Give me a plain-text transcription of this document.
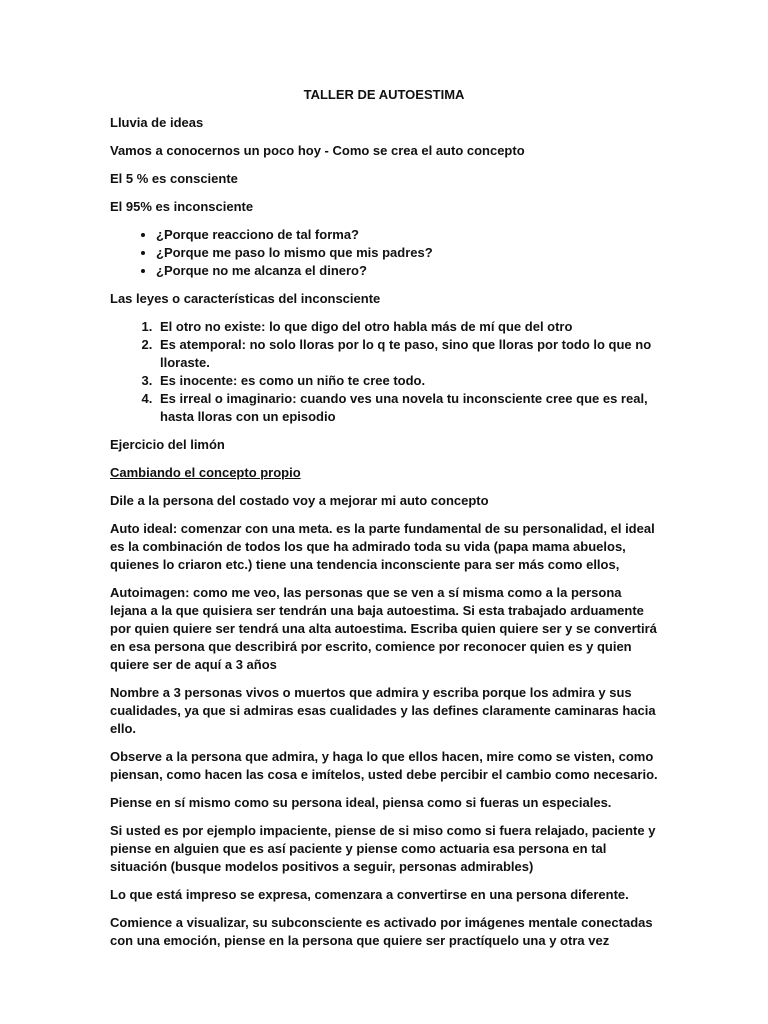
TALLER DE AUTOESTIMA

Lluvia de ideas

Vamos a conocernos un poco hoy - Como se crea el auto concepto

El 5 % es consciente

El 95% es inconsciente

• ¿Porque reacciono de tal forma?
• ¿Porque me paso lo mismo que mis padres?
• ¿Porque no me alcanza el dinero?

Las leyes o características del inconsciente

1. El otro no existe: lo que digo del otro habla más de mí que del otro
2. Es atemporal: no solo lloras por lo q te paso, sino que lloras por todo lo que no lloraste.
3. Es inocente: es como un niño te cree todo.
4. Es irreal o imaginario: cuando ves una novela tu inconsciente cree que es real, hasta lloras con un episodio

Ejercicio del limón

Cambiando el concepto propio

Dile a la persona del costado voy a mejorar mi auto concepto

Auto ideal: comenzar con una meta. es la parte fundamental de su personalidad, el ideal es la combinación de todos los que ha admirado toda su vida (papa mama abuelos, quienes lo criaron etc.) tiene una tendencia inconsciente para ser más como ellos,

Autoimagen: como me veo, las personas que se ven a sí misma como a la persona lejana a la que quisiera ser tendrán una baja autoestima. Si esta trabajado arduamente por quien quiere ser tendrá una alta autoestima. Escriba quien quiere ser y se convertirá en esa persona que describirá por escrito, comience por reconocer quien es y quien quiere ser de aquí a 3 años

Nombre a 3 personas vivos o muertos que admira y escriba porque los admira y sus cualidades, ya que si admiras esas cualidades y las defines claramente caminaras hacia ello.

Observe a la persona que admira, y haga lo que ellos hacen, mire como se visten, como piensan, como hacen las cosa e imítelos, usted debe percibir el cambio como necesario.

Piense en sí mismo como su persona ideal, piensa como si fueras un especiales.

Si usted es por ejemplo impaciente, piense de si miso como si fuera relajado, paciente y piense en alguien que es así paciente y piense como actuaria esa persona en tal situación (busque modelos positivos a seguir, personas admirables)

Lo que está impreso se expresa, comenzara a convertirse en una persona diferente.

Comience a visualizar, su subconsciente es activado por imágenes mentale conectadas con una emoción, piense en la persona que quiere ser practíquelo una y otra vez
